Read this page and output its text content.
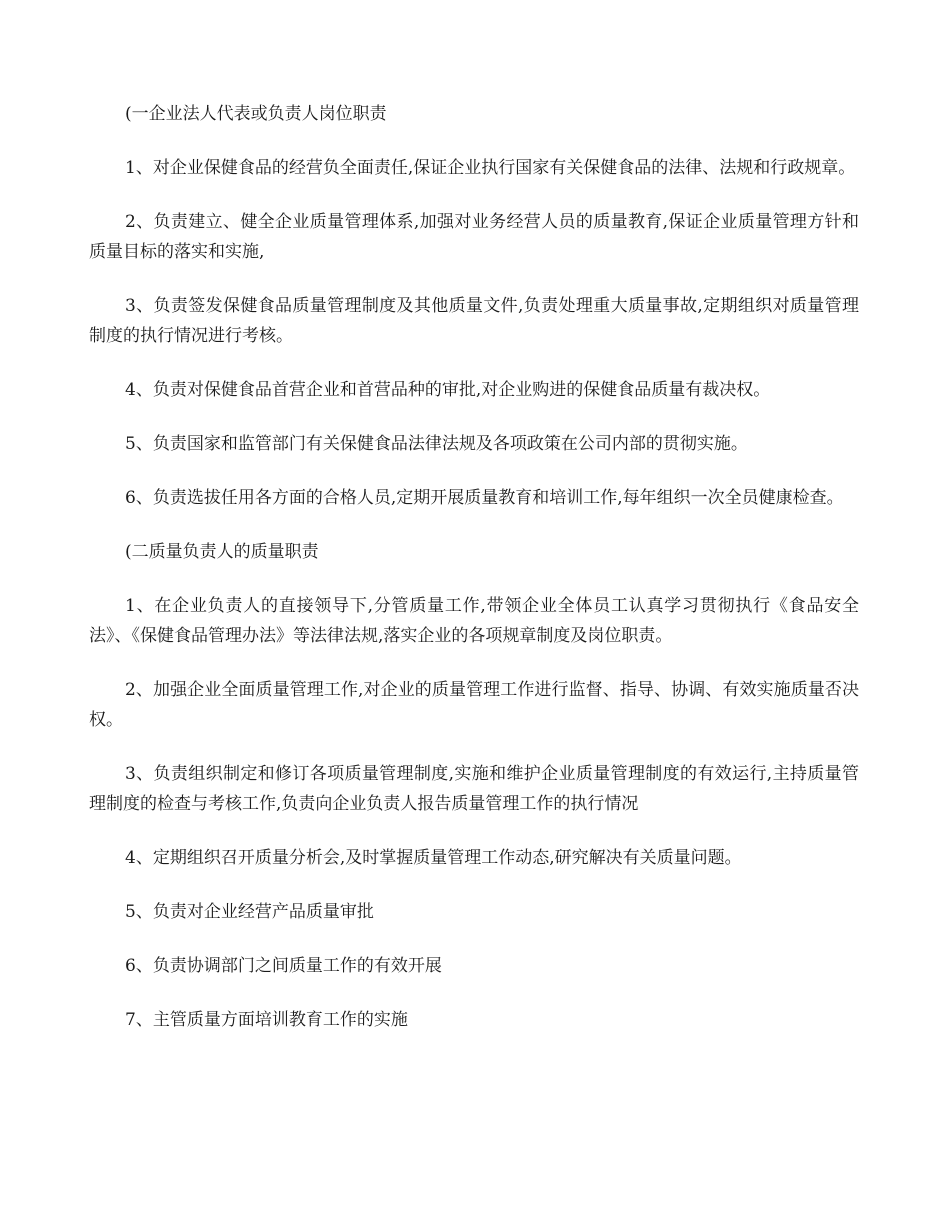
(一企业法人代表或负责人岗位职责

1、对企业保健食品的经营负全面责任,保证企业执行国家有关保健食品的法律、法规和行政规章。

2、负责建立、健全企业质量管理体系,加强对业务经营人员的质量教育,保证企业质量管理方针和质量目标的落实和实施,

3、负责签发保健食品质量管理制度及其他质量文件,负责处理重大质量事故,定期组织对质量管理制度的执行情况进行考核。

4、负责对保健食品首营企业和首营品种的审批,对企业购进的保健食品质量有裁决权。

5、负责国家和监管部门有关保健食品法律法规及各项政策在公司内部的贯彻实施。

6、负责选拔任用各方面的合格人员,定期开展质量教育和培训工作,每年组织一次全员健康检查。

(二质量负责人的质量职责

1、在企业负责人的直接领导下,分管质量工作,带领企业全体员工认真学习贯彻执行《食品安全法》、《保健食品管理办法》等法律法规,落实企业的各项规章制度及岗位职责。

2、加强企业全面质量管理工作,对企业的质量管理工作进行监督、指导、协调、有效实施质量否决权。

3、负责组织制定和修订各项质量管理制度,实施和维护企业质量管理制度的有效运行,主持质量管理制度的检查与考核工作,负责向企业负责人报告质量管理工作的执行情况

4、定期组织召开质量分析会,及时掌握质量管理工作动态,研究解决有关质量问题。

5、负责对企业经营产品质量审批

6、负责协调部门之间质量工作的有效开展

7、主管质量方面培训教育工作的实施
